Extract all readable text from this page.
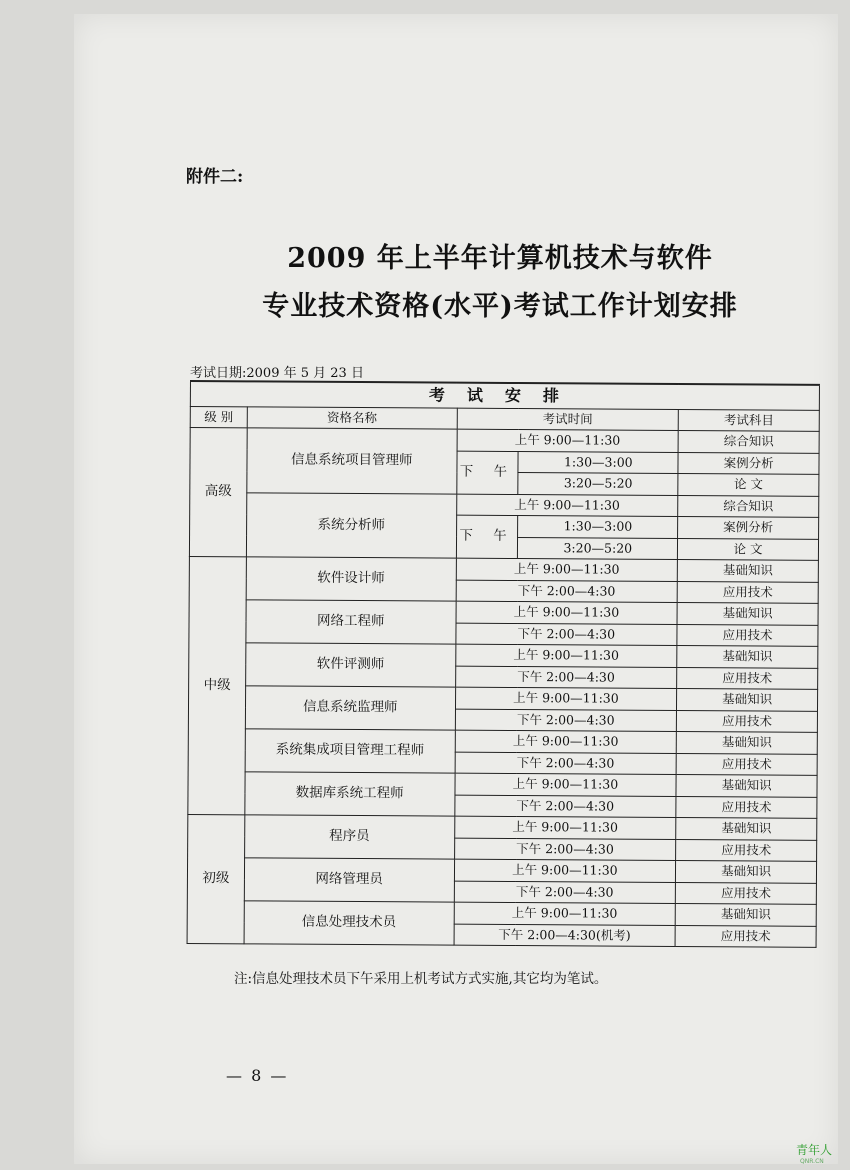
附件二:
2009 年上半年计算机技术与软件
专业技术资格(水平)考试工作计划安排
考试日期:2009 年 5 月 23 日
考试安排				
级 别	资格名称	考试时间		考试科目
高级	信息系统项目管理师	上午 9:00—11:30		综合知识
		下 午	1:30—3:00	案例分析
			3:20—5:20	论 文
	系统分析师	上午 9:00—11:30		综合知识
		下 午	1:30—3:00	案例分析
			3:20—5:20	论 文
中级	软件设计师	上午 9:00—11:30		基础知识
		下午 2:00—4:30		应用技术
	网络工程师	上午 9:00—11:30		基础知识
		下午 2:00—4:30		应用技术
	软件评测师	上午 9:00—11:30		基础知识
		下午 2:00—4:30		应用技术
	信息系统监理师	上午 9:00—11:30		基础知识
		下午 2:00—4:30		应用技术
	系统集成项目管理工程师	上午 9:00—11:30		基础知识
		下午 2:00—4:30		应用技术
	数据库系统工程师	上午 9:00—11:30		基础知识
		下午 2:00—4:30		应用技术
初级	程序员	上午 9:00—11:30		基础知识
		下午 2:00—4:30		应用技术
	网络管理员	上午 9:00—11:30		基础知识
		下午 2:00—4:30		应用技术
	信息处理技术员	上午 9:00—11:30		基础知识
		下午 2:00—4:30(机考)		应用技术
注:信息处理技术员下午采用上机考试方式实施,其它均为笔试。
— 8 —
青年人
QNR.CN
